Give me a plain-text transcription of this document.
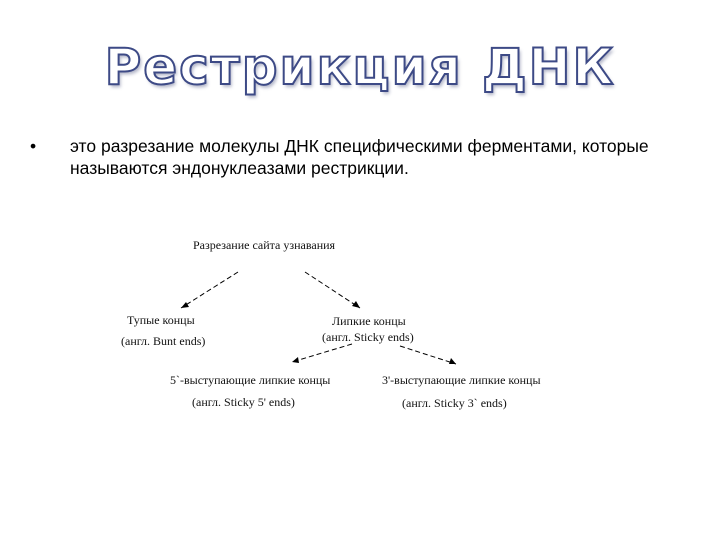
Рестрикция ДНК
• это разрезание молекулы ДНК специфическими ферментами, которые называются эндонуклеазами рестрикции.
Разрезание сайта узнавания
Тупые концы
(англ. Bunt ends)
Липкие концы
(англ. Sticky ends)
5`-выступающие липкие концы
(англ. Sticky 5' ends)
3'-выступающие липкие концы
(англ. Sticky 3` ends)
